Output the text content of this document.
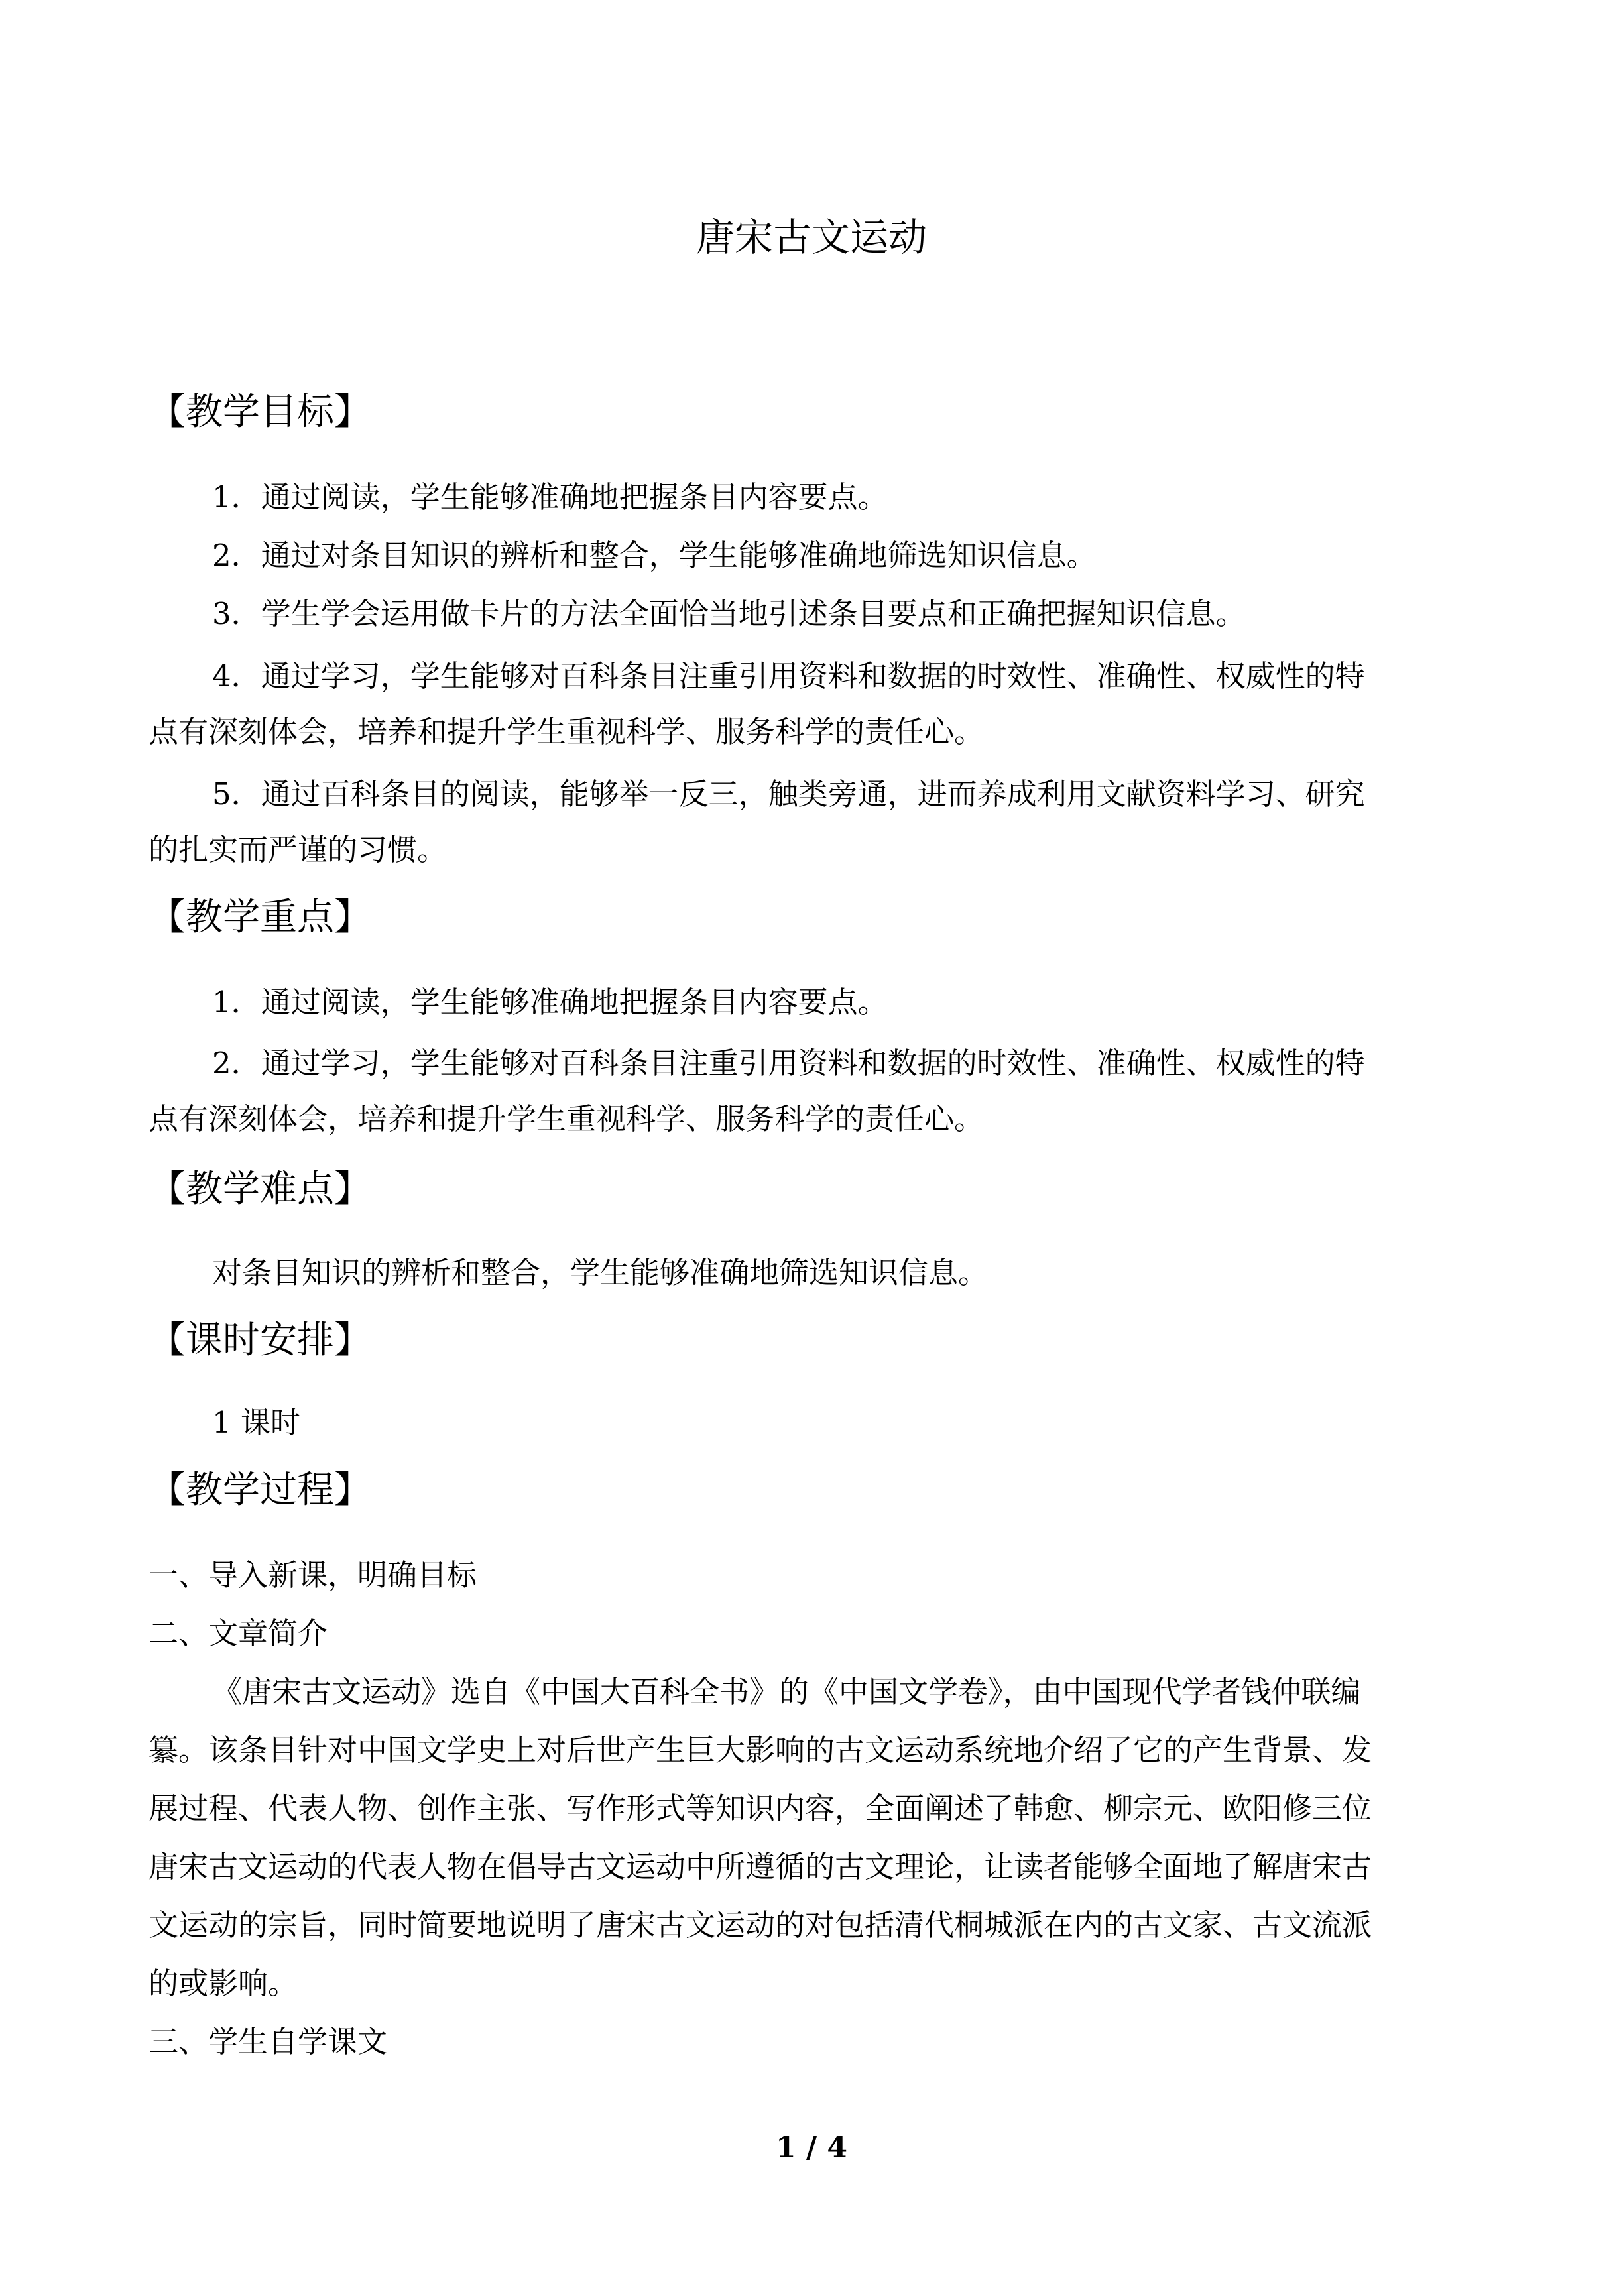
唐宋古文运动
【教学目标】
1．通过阅读，学生能够准确地把握条目内容要点。
2．通过对条目知识的辨析和整合，学生能够准确地筛选知识信息。
3．学生学会运用做卡片的方法全面恰当地引述条目要点和正确把握知识信息。
4．通过学习，学生能够对百科条目注重引用资料和数据的时效性、准确性、权威性的特
点有深刻体会，培养和提升学生重视科学、服务科学的责任心。
5．通过百科条目的阅读，能够举一反三，触类旁通，进而养成利用文献资料学习、研究
的扎实而严谨的习惯。
【教学重点】
1．通过阅读，学生能够准确地把握条目内容要点。
2．通过学习，学生能够对百科条目注重引用资料和数据的时效性、准确性、权威性的特
点有深刻体会，培养和提升学生重视科学、服务科学的责任心。
【教学难点】
对条目知识的辨析和整合，学生能够准确地筛选知识信息。
【课时安排】
1 课时
【教学过程】
一、导入新课，明确目标
二、文章简介
《唐宋古文运动》选自《中国大百科全书》的《中国文学卷》，由中国现代学者钱仲联编
纂。该条目针对中国文学史上对后世产生巨大影响的古文运动系统地介绍了它的产生背景、发
展过程、代表人物、创作主张、写作形式等知识内容，全面阐述了韩愈、柳宗元、欧阳修三位
唐宋古文运动的代表人物在倡导古文运动中所遵循的古文理论，让读者能够全面地了解唐宋古
文运动的宗旨，同时简要地说明了唐宋古文运动的对包括清代桐城派在内的古文家、古文流派
的或影响。
三、学生自学课文
1 / 4
